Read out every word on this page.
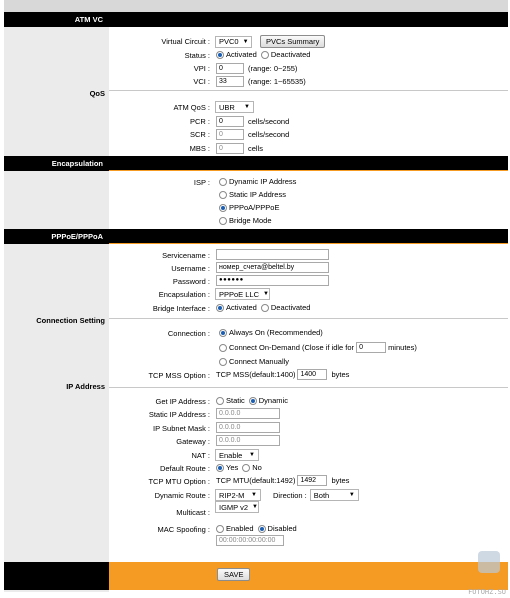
ATM VC
Virtual Circuit : PVC0 ▼	PVCs Summary
Status : Activated Deactivated
VPI :	0	(range: 0~255)
VCI :	33	(range: 1~65535)
QoS
ATM QoS : UBR ▼
PCR :	0	cells/second
SCR :	0	cells/second
MBS :	0	cells
Encapsulation
ISP :	Dynamic IP Address
Static IP Address
PPPoA/PPPoE
Bridge Mode
PPPoE/PPPoA
Servicename :
Username :	номер_счета@beltel.by
Password :	●●●●●●
Encapsulation : PPPoE LLC ▼
Bridge Interface : Activated Deactivated
Connection Setting
Connection :	Always On (Recommended)
Connect On-Demand (Close if idle for 0	minutes)
Connect Manually
TCP MSS Option : TCP MSS(default:1400) 1400	bytes
IP Address
Get IP Address : Static Dynamic
Static IP Address :	0.0.0.0
IP Subnet Mask :	0.0.0.0
Gateway :	0.0.0.0
NAT : Enable ▼
Default Route : Yes No
TCP MTU Option : TCP MTU(default:1492) 1492	bytes
Dynamic Route : RIP2-M ▼ Direction : Both	▼
Multicast :
IGMP v2 ▼
MAC Spoofing : Enabled Disabled
00:00:00:00:00:00
SAVE
FOTOHZ.SU
